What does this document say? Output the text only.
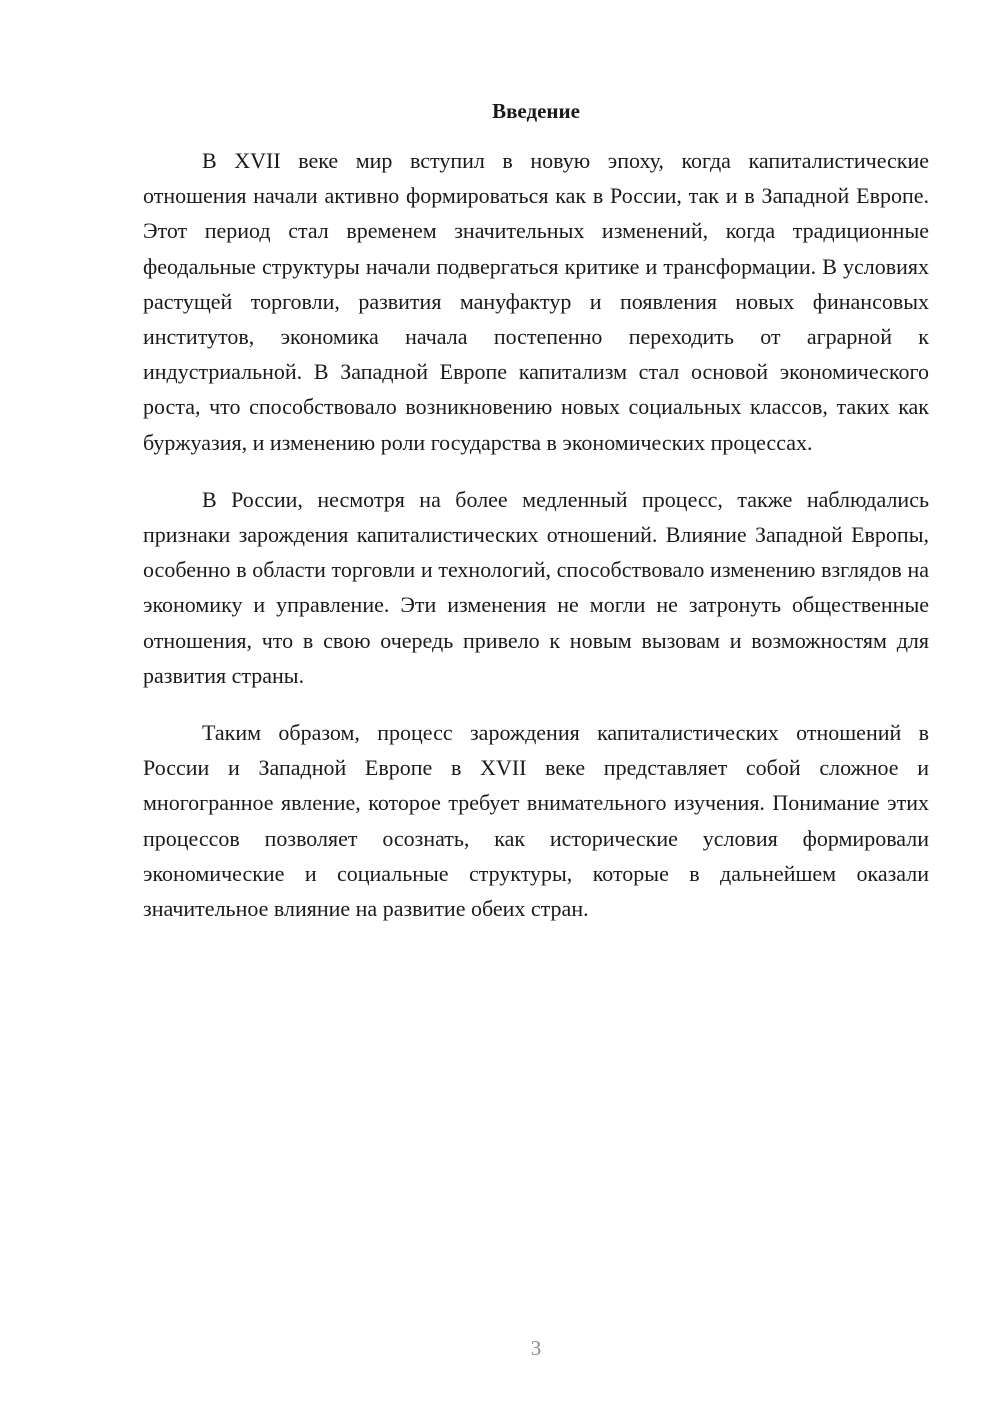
Введение

В XVII веке мир вступил в новую эпоху, когда капиталистические отношения начали активно формироваться как в России, так и в Западной Европе. Этот период стал временем значительных изменений, когда традиционные феодальные структуры начали подвергаться критике и трансформации. В условиях растущей торговли, развития мануфактур и появления новых финансовых институтов, экономика начала постепенно переходить от аграрной к индустриальной. В Западной Европе капитализм стал основой экономического роста, что способствовало возникновению новых социальных классов, таких как буржуазия, и изменению роли государства в экономических процессах.

В России, несмотря на более медленный процесс, также наблюдались признаки зарождения капиталистических отношений. Влияние Западной Европы, особенно в области торговли и технологий, способствовало изменению взглядов на экономику и управление. Эти изменения не могли не затронуть общественные отношения, что в свою очередь привело к новым вызовам и возможностям для развития страны.

Таким образом, процесс зарождения капиталистических отношений в России и Западной Европе в XVII веке представляет собой сложное и многогранное явление, которое требует внимательного изучения. Понимание этих процессов позволяет осознать, как исторические условия формировали экономические и социальные структуры, которые в дальнейшем оказали значительное влияние на развитие обеих стран.

3
